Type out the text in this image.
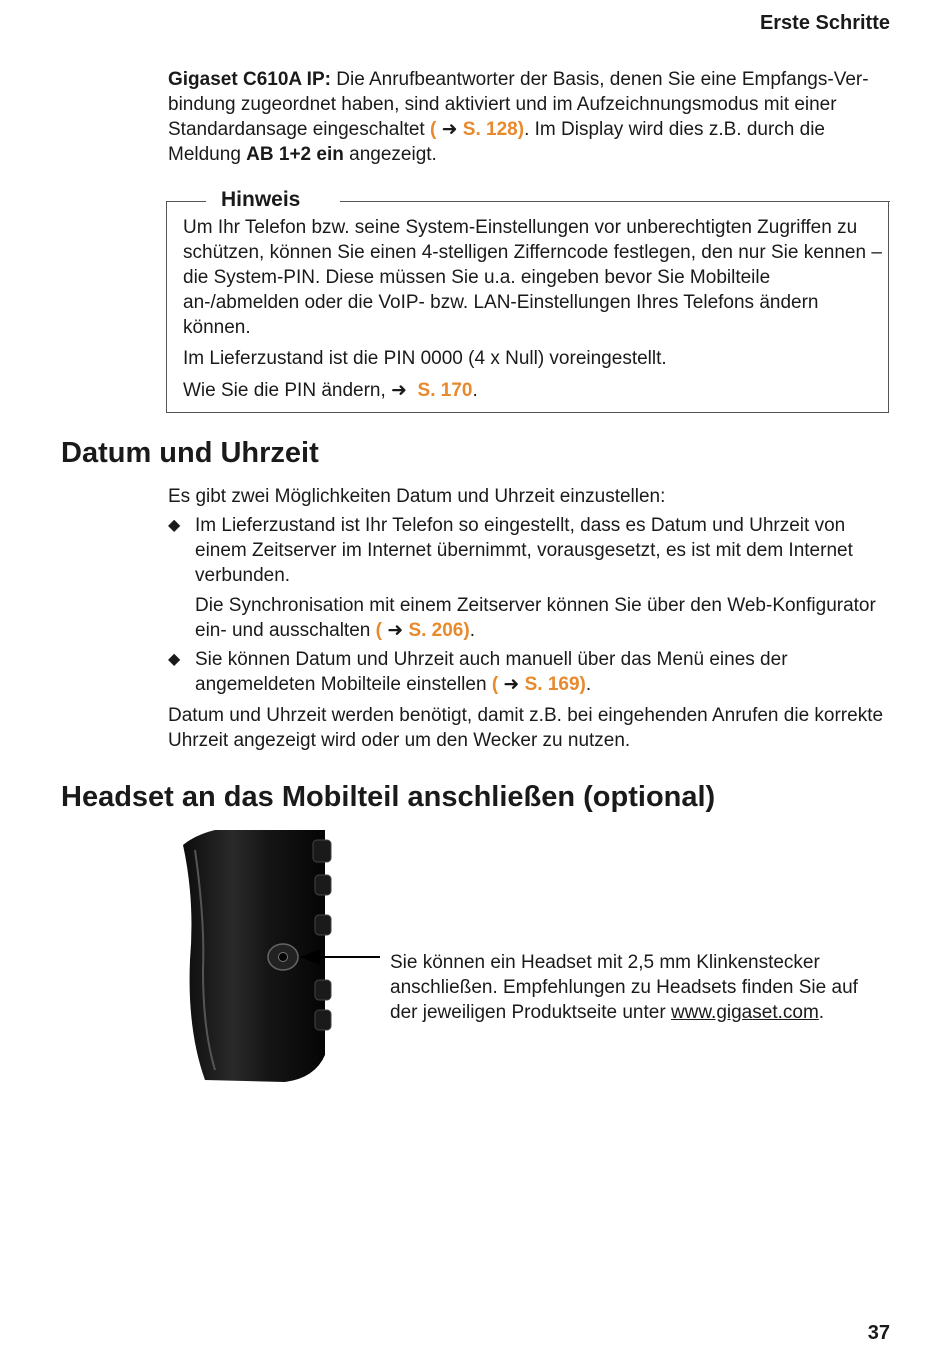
Erste Schritte
Gigaset C610A IP: Die Anrufbeantworter der Basis, denen Sie eine Empfangs-Ver-bindung zugeordnet haben, sind aktiviert und im Aufzeichnungsmodus mit einer Standardansage eingeschaltet ( ➜ S. 128). Im Display wird dies z.B. durch die Meldung AB 1+2 ein angezeigt.
Hinweis
Um Ihr Telefon bzw. seine System-Einstellungen vor unberechtigten Zugriffen zu schützen, können Sie einen 4-stelligen Zifferncode festlegen, den nur Sie kennen – die System-PIN. Diese müssen Sie u.a. eingeben bevor Sie Mobilteile an-/abmelden oder die VoIP- bzw. LAN-Einstellungen Ihres Telefons ändern können.
Im Lieferzustand ist die PIN 0000 (4 x Null) voreingestellt.
Wie Sie die PIN ändern, ➜ S. 170.
Datum und Uhrzeit
Es gibt zwei Möglichkeiten Datum und Uhrzeit einzustellen:
◆ Im Lieferzustand ist Ihr Telefon so eingestellt, dass es Datum und Uhrzeit von einem Zeitserver im Internet übernimmt, vorausgesetzt, es ist mit dem Internet verbunden.
Die Synchronisation mit einem Zeitserver können Sie über den Web-Konfigurator ein- und ausschalten ( ➜ S. 206).
◆ Sie können Datum und Uhrzeit auch manuell über das Menü eines der angemeldeten Mobilteile einstellen ( ➜ S. 169).
Datum und Uhrzeit werden benötigt, damit z.B. bei eingehenden Anrufen die korrekte Uhrzeit angezeigt wird oder um den Wecker zu nutzen.
Headset an das Mobilteil anschließen (optional)
Sie können ein Headset mit 2,5 mm Klinkenstecker anschließen. Empfehlungen zu Headsets finden Sie auf der jeweiligen Produktseite unter www.gigaset.com.
37
